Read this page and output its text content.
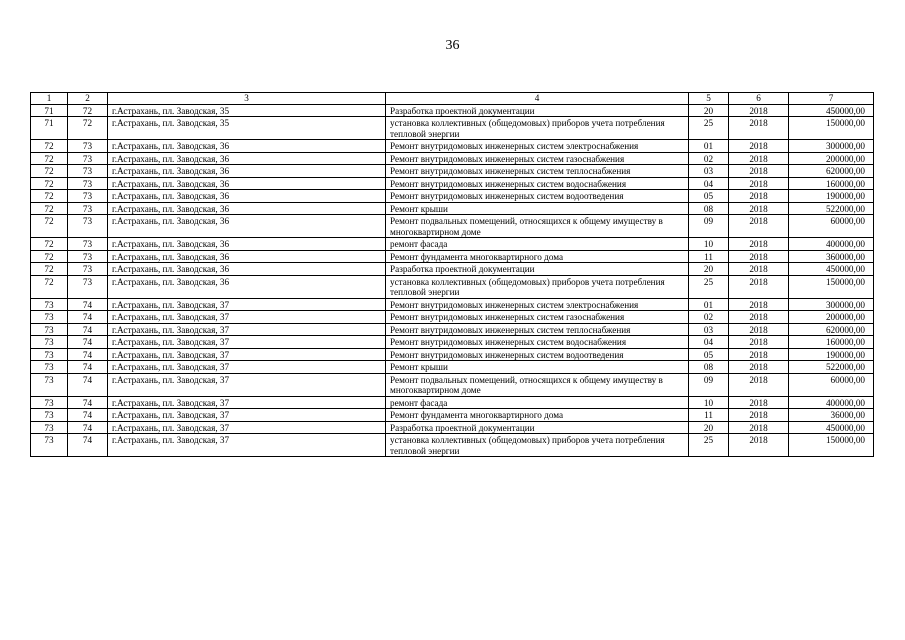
36
1	2	3	4	5	6	7
71	72	г.Астрахань, пл. Заводская, 35	Разработка проектной документации	20	2018	450000,00
71	72	г.Астрахань, пл. Заводская, 35	установка коллективных (общедомовых) приборов учета потребления тепловой энергии	25	2018	150000,00
72	73	г.Астрахань, пл. Заводская, 36	Ремонт внутридомовых инженерных систем электроснабжения	01	2018	300000,00
72	73	г.Астрахань, пл. Заводская, 36	Ремонт внутридомовых инженерных систем газоснабжения	02	2018	200000,00
72	73	г.Астрахань, пл. Заводская, 36	Ремонт внутридомовых инженерных систем теплоснабжения	03	2018	620000,00
72	73	г.Астрахань, пл. Заводская, 36	Ремонт внутридомовых инженерных систем водоснабжения	04	2018	160000,00
72	73	г.Астрахань, пл. Заводская, 36	Ремонт внутридомовых инженерных систем водоотведения	05	2018	190000,00
72	73	г.Астрахань, пл. Заводская, 36	Ремонт крыши	08	2018	522000,00
72	73	г.Астрахань, пл. Заводская, 36	Ремонт подвальных помещений, относящихся к общему имуществу в многоквартирном доме	09	2018	60000,00
72	73	г.Астрахань, пл. Заводская, 36	ремонт фасада	10	2018	400000,00
72	73	г.Астрахань, пл. Заводская, 36	Ремонт фундамента многоквартирного дома	11	2018	360000,00
72	73	г.Астрахань, пл. Заводская, 36	Разработка проектной документации	20	2018	450000,00
72	73	г.Астрахань, пл. Заводская, 36	установка коллективных (общедомовых) приборов учета потребления тепловой энергии	25	2018	150000,00
73	74	г.Астрахань, пл. Заводская, 37	Ремонт внутридомовых инженерных систем электроснабжения	01	2018	300000,00
73	74	г.Астрахань, пл. Заводская, 37	Ремонт внутридомовых инженерных систем газоснабжения	02	2018	200000,00
73	74	г.Астрахань, пл. Заводская, 37	Ремонт внутридомовых инженерных систем теплоснабжения	03	2018	620000,00
73	74	г.Астрахань, пл. Заводская, 37	Ремонт внутридомовых инженерных систем водоснабжения	04	2018	160000,00
73	74	г.Астрахань, пл. Заводская, 37	Ремонт внутридомовых инженерных систем водоотведения	05	2018	190000,00
73	74	г.Астрахань, пл. Заводская, 37	Ремонт крыши	08	2018	522000,00
73	74	г.Астрахань, пл. Заводская, 37	Ремонт подвальных помещений, относящихся к общему имуществу в многоквартирном доме	09	2018	60000,00
73	74	г.Астрахань, пл. Заводская, 37	ремонт фасада	10	2018	400000,00
73	74	г.Астрахань, пл. Заводская, 37	Ремонт фундамента многоквартирного дома	11	2018	36000,00
73	74	г.Астрахань, пл. Заводская, 37	Разработка проектной документации	20	2018	450000,00
73	74	г.Астрахань, пл. Заводская, 37	установка коллективных (общедомовых) приборов учета потребления тепловой энергии	25	2018	150000,00
